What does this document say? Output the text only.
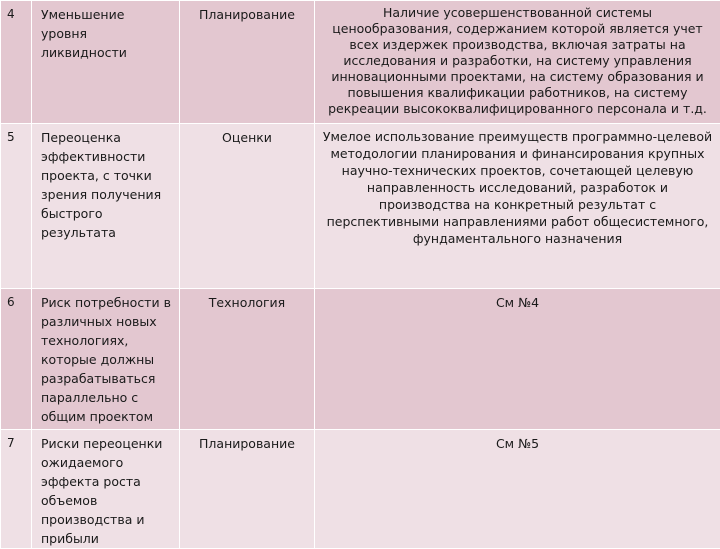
4	Уменьшение уровня ликвидности	Планирование	Наличие усовершенствованной системы ценообразования, содержанием которой является учет всех издержек производства, включая затраты на исследования и разработки, на систему управления инновационными проектами, на систему образования и повышения квалификации работников, на систему рекреации высококвалифицированного персонала и т.д.
5	Переоценка эффективности проекта, с точки зрения получения быстрого результата	Оценки	Умелое использование преимуществ программно-целевой методологии планирования и финансирования крупных научно-технических проектов, сочетающей целевую направленность исследований, разработок и производства на конкретный результат с перспективными направлениями работ общесистемного, фундаментального назначения
6	Риск потребности в различных новых технологиях, которые должны разрабатываться параллельно с общим проектом	Технология	См №4
7	Риски переоценки ожидаемого эффекта роста объемов производства и прибыли	Планирование	См №5
